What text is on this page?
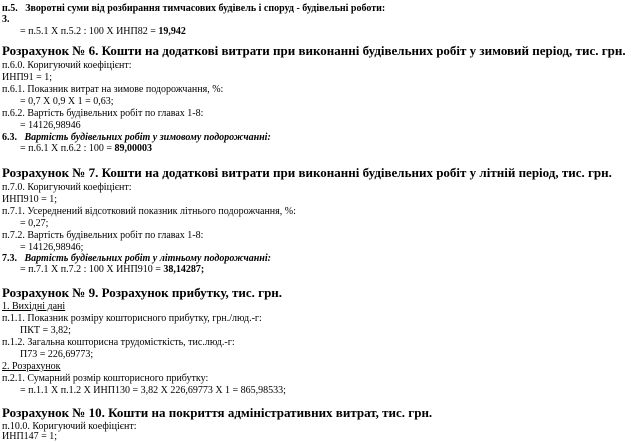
п.5. Зворотні суми від розбирання тимчасових будівель і споруд - будівельні роботи:
3.
= п.5.1 Х п.5.2 : 100 Х ИНП82 = 19,942
Розрахунок № 6. Кошти на додаткові витрати при виконанні будівельних робіт у зимовий період, тис. грн.
п.6.0. Коригуючий коефіцієнт:
ИНП91 = 1;
п.6.1. Показник витрат на зимове подорожчання, %:
= 0,7 Х 0,9 Х 1 = 0,63;
п.6.2. Вартість будівельних робіт по главах 1-8:
= 14126,98946
6.3. Вартість будівельних робіт у зимовому подорожчанні:
= п.6.1 Х п.6.2 : 100 = 89,00003
Розрахунок № 7. Кошти на додаткові витрати при виконанні будівельних робіт у літній період, тис. грн.
п.7.0. Коригуючий коефіцієнт:
ИНП910 = 1;
п.7.1. Усереднений відсотковий показник літнього подорожчання, %:
= 0,27;
п.7.2. Вартість будівельних робіт по главах 1-8:
= 14126,98946;
7.3. Вартість будівельних робіт у літньому подорожчанні:
= п.7.1 Х п.7.2 : 100 Х ИНП910 = 38,14287;
Розрахунок № 9. Розрахунок прибутку, тис. грн.
1. Вихідні дані
п.1.1. Показник розміру кошторисного прибутку, грн./люд.-г:
ПКТ = 3,82;
п.1.2. Загальна кошторисна трудомісткість, тис.люд.-г:
П73 = 226,69773;
2. Розрахунок
п.2.1. Сумарний розмір кошторисного прибутку:
= п.1.1 Х п.1.2 Х ИНП130 = 3,82 Х 226,69773 Х 1 = 865,98533;
Розрахунок № 10. Кошти на покриття адміністративних витрат, тис. грн.
п.10.0. Коригуючий коефіцієнт:
ИНП147 = 1;
